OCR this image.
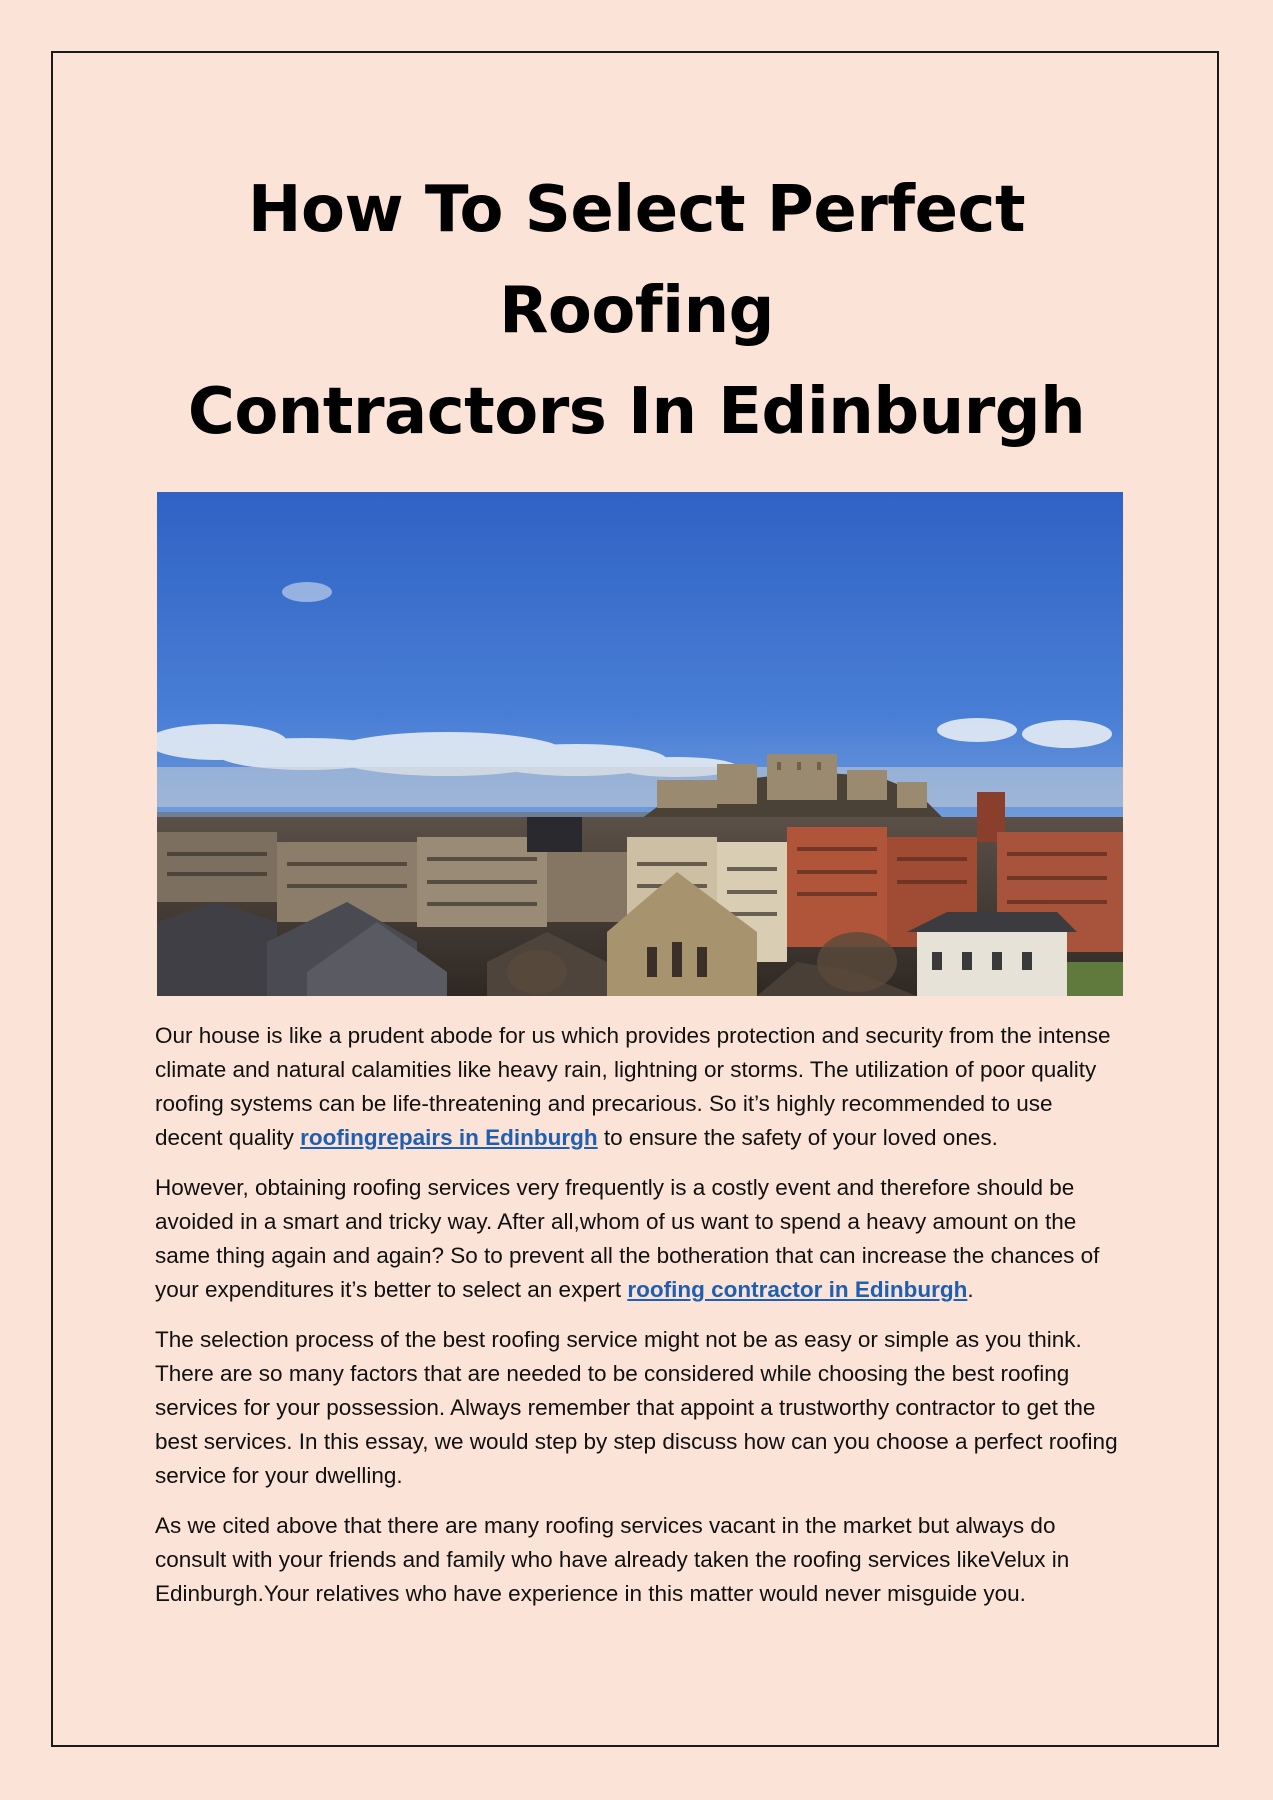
How To Select Perfect Roofing
Contractors In Edinburgh

Our house is like a prudent abode for us which provides protection and security from the intense climate and natural calamities like heavy rain, lightning or storms. The utilization of poor quality roofing systems can be life-threatening and precarious. So it’s highly recommended to use decent quality roofingrepairs in Edinburgh to ensure the safety of your loved ones.

However, obtaining roofing services very frequently is a costly event and therefore should be avoided in a smart and tricky way. After all,whom of us want to spend a heavy amount on the same thing again and again? So to prevent all the botheration that can increase the chances of your expenditures it’s better to select an expert roofing contractor in Edinburgh.

The selection process of the best roofing service might not be as easy or simple as you think. There are so many factors that are needed to be considered while choosing the best roofing services for your possession. Always remember that appoint a trustworthy contractor to get the best services. In this essay, we would step by step discuss how can you choose a perfect roofing service for your dwelling.

As we cited above that there are many roofing services vacant in the market but always do consult with your friends and family who have already taken the roofing services likeVelux in Edinburgh.Your relatives who have experience in this matter would never misguide you.
